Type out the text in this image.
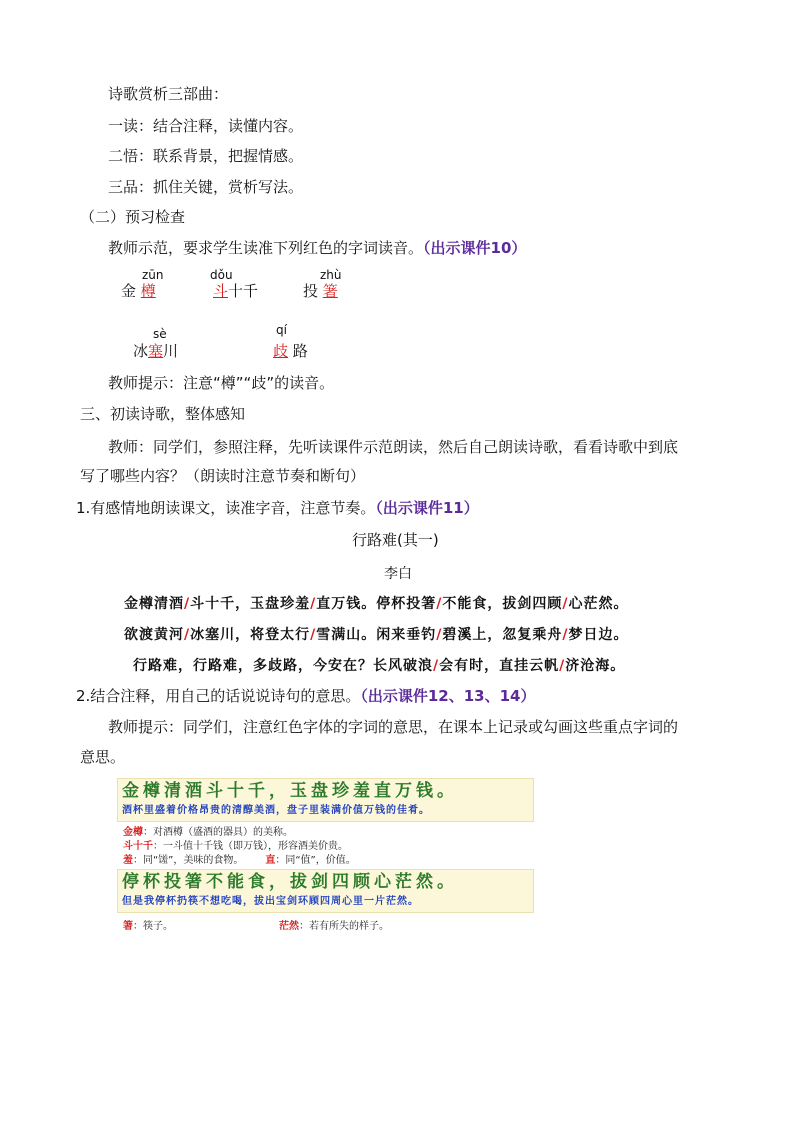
诗歌赏析三部曲：
一读：结合注释，读懂内容。
二悟：联系背景，把握情感。
三品：抓住关键，赏析写法。
（二）预习检查
教师示范，要求学生读准下列红色的字词读音。（出示课件10）
zūn
金 樽
dǒu
斗十千
zhù
投 箸
sè
冰塞川
qí
歧 路
教师提示：注意“樽”“歧”的读音。
三、初读诗歌，整体感知
教师：同学们，参照注释，先听读课件示范朗读，然后自己朗读诗歌，看看诗歌中到底
写了哪些内容？（朗读时注意节奏和断句）
1.有感情地朗读课文，读准字音，注意节奏。（出示课件11）
行路难(其一)
李白
金樽清酒/斗十千，玉盘珍羞/直万钱。停杯投箸/不能食，拔剑四顾/心茫然。
欲渡黄河/冰塞川，将登太行/雪满山。闲来垂钓/碧溪上，忽复乘舟/梦日边。
行路难，行路难，多歧路，今安在？长风破浪/会有时，直挂云帆/济沧海。
2.结合注释，用自己的话说说诗句的意思。（出示课件12、13、14）
教师提示：同学们，注意红色字体的字词的意思，在课本上记录或勾画这些重点字词的
意思。
金樽清酒斗十千，玉盘珍羞直万钱。
酒杯里盛着价格昂贵的清醇美酒，盘子里装满价值万钱的佳肴。
金樽：对酒樽（盛酒的器具）的美称。
斗十千：一斗值十千钱（即万钱），形容酒美价贵。
羞：同“馐”，美味的食物。 直：同“值”，价值。
停杯投箸不能食，拔剑四顾心茫然。
但是我停杯扔筷不想吃喝，拔出宝剑环顾四周心里一片茫然。
箸：筷子。	茫然：若有所失的样子。
